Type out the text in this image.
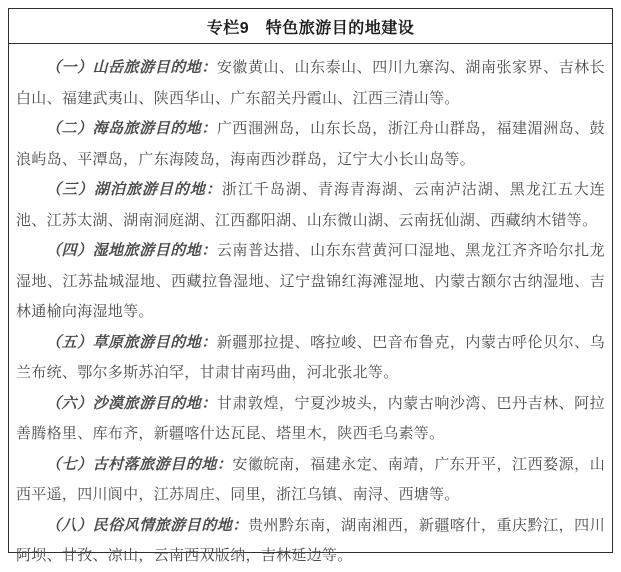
专栏9　特色旅游目的地建设

（一）山岳旅游目的地：安徽黄山、山东泰山、四川九寨沟、湖南张家界、吉林长白山、福建武夷山、陕西华山、广东韶关丹霞山、江西三清山等。

（二）海岛旅游目的地：广西涠洲岛，山东长岛，浙江舟山群岛，福建湄洲岛、鼓浪屿岛、平潭岛，广东海陵岛，海南西沙群岛，辽宁大小长山岛等。

（三）湖泊旅游目的地：浙江千岛湖、青海青海湖、云南泸沽湖、黑龙江五大连池、江苏太湖、湖南洞庭湖、江西鄱阳湖、山东微山湖、云南抚仙湖、西藏纳木错等。

（四）湿地旅游目的地：云南普达措、山东东营黄河口湿地、黑龙江齐齐哈尔扎龙湿地、江苏盐城湿地、西藏拉鲁湿地、辽宁盘锦红海滩湿地、内蒙古额尔古纳湿地、吉林通榆向海湿地等。

（五）草原旅游目的地：新疆那拉提、喀拉峻、巴音布鲁克，内蒙古呼伦贝尔、乌兰布统、鄂尔多斯苏泊罕，甘肃甘南玛曲，河北张北等。

（六）沙漠旅游目的地：甘肃敦煌，宁夏沙坡头，内蒙古响沙湾、巴丹吉林、阿拉善腾格里、库布齐，新疆喀什达瓦昆、塔里木，陕西毛乌素等。

（七）古村落旅游目的地：安徽皖南，福建永定、南靖，广东开平，江西婺源，山西平遥，四川阆中，江苏周庄、同里，浙江乌镇、南浔、西塘等。

（八）民俗风情旅游目的地：贵州黔东南，湖南湘西，新疆喀什，重庆黔江，四川阿坝、甘孜、凉山，云南西双版纳，吉林延边等。
